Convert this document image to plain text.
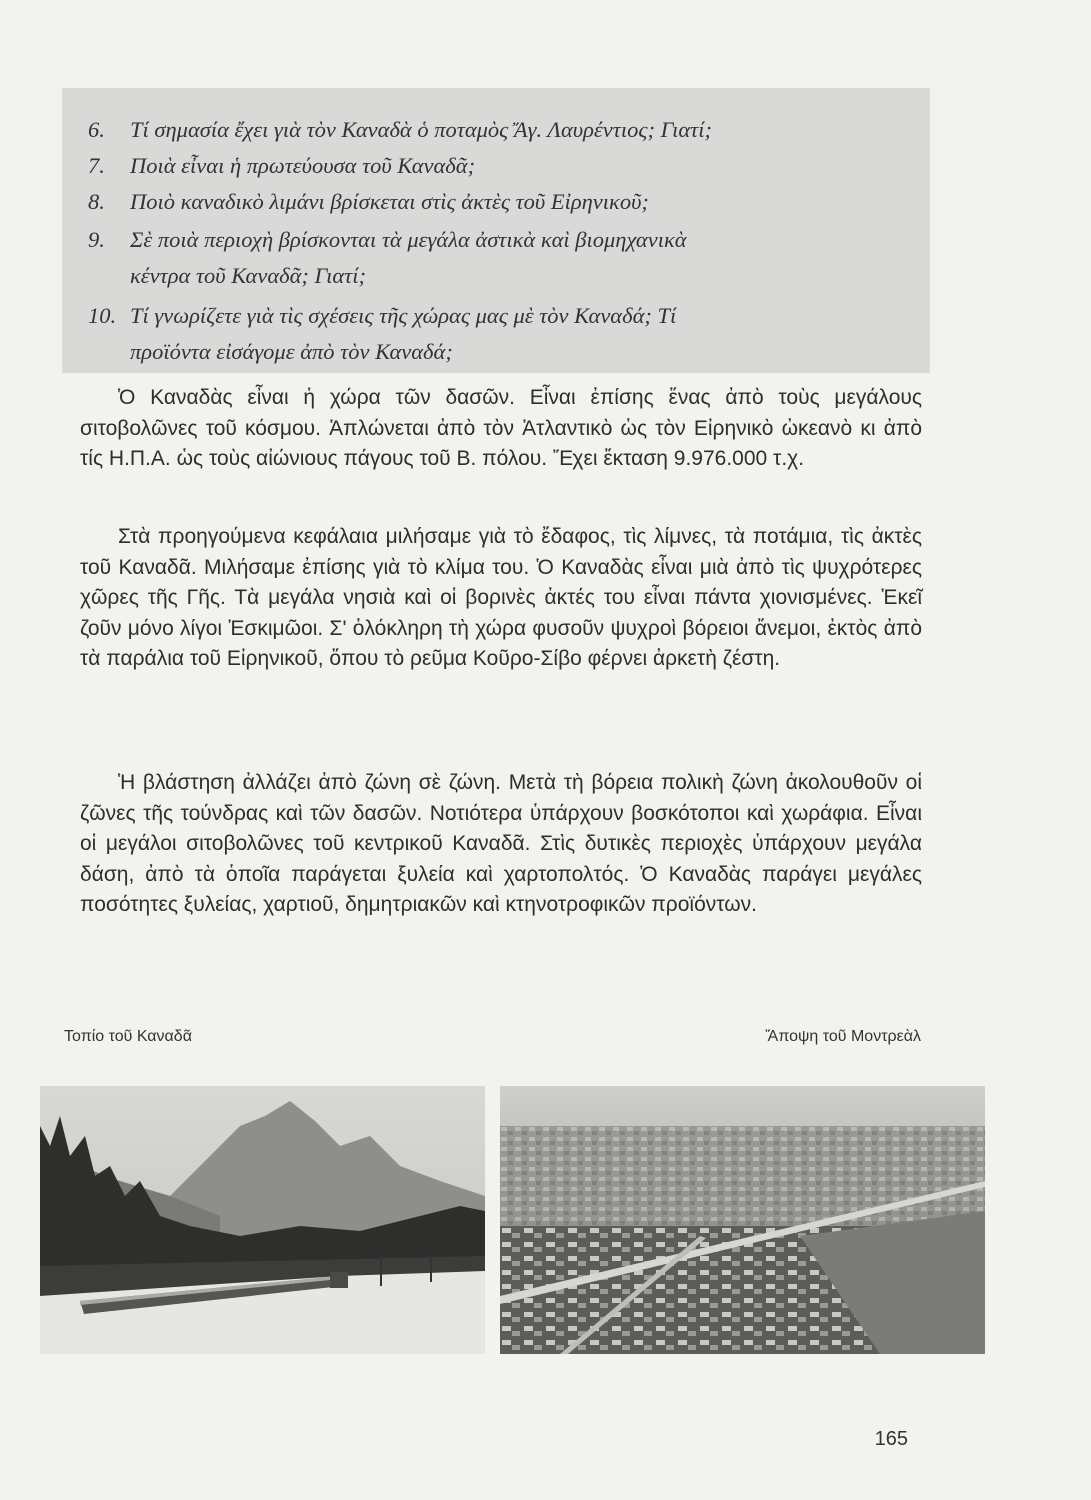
6. Τί σημασία ἔχει γιὰ τὸν Καναδὰ ὁ ποταμὸς Ἄγ. Λαυρέντιος; Γιατί;

7. Ποιὰ εἶναι ἡ πρωτεύουσα τοῦ Καναδᾶ;

8. Ποιὸ καναδικὸ λιμάνι βρίσκεται στὶς ἀκτὲς τοῦ Εἰρηνικοῦ;

9. Σὲ ποιὰ περιοχὴ βρίσκονται τὰ μεγάλα ἀστικὰ καὶ βιομηχανικὰ

κέντρα τοῦ Καναδᾶ; Γιατί;

10. Τί γνωρίζετε γιὰ τὶς σχέσεις τῆς χώρας μας μὲ τὸν Καναδά; Τί

προϊόντα εἰσάγομε ἀπὸ τὸν Καναδά;

Ὁ Καναδὰς εἶναι ἡ χώρα τῶν δασῶν. Εἶναι ἐπίσης ἕνας ἀπὸ τοὺς μεγάλους σιτοβολῶνες τοῦ κόσμου. Ἁπλώνεται ἀπὸ τὸν Ἀτλαντικὸ ὡς τὸν Εἰρηνικὸ ὠκεανὸ κι ἀπὸ τίς Η.Π.Α. ὡς τοὺς αἰώνιους πάγους τοῦ Β. πόλου. Ἔχει ἔκταση 9.976.000 τ.χ.

Στὰ προηγούμενα κεφάλαια μιλήσαμε γιὰ τὸ ἔδαφος, τὶς λίμνες, τὰ ποτάμια, τὶς ἀκτὲς τοῦ Καναδᾶ. Μιλήσαμε ἐπίσης γιὰ τὸ κλίμα του. Ὁ Καναδὰς εἶναι μιὰ ἀπὸ τὶς ψυχρότερες χῶρες τῆς Γῆς. Τὰ μεγάλα νησιὰ καὶ οἱ βορινὲς ἀκτές του εἶναι πάντα χιονισμένες. Ἐκεῖ ζοῦν μόνο λίγοι Ἐσκιμῶοι. Σ' ὁλόκληρη τὴ χώρα φυσοῦν ψυχροὶ βόρειοι ἄνεμοι, ἐκτὸς ἀπὸ τὰ παράλια τοῦ Εἰρηνικοῦ, ὅπου τὸ ρεῦμα Κοῦρο-Σίβο φέρνει ἀρκετὴ ζέστη.

Ἡ βλάστηση ἀλλάζει ἀπὸ ζώνη σὲ ζώνη. Μετὰ τὴ βόρεια πολικὴ ζώνη ἀκολουθοῦν οἱ ζῶνες τῆς τούνδρας καὶ τῶν δασῶν. Νοτιότερα ὑπάρχουν βοσκότοποι καὶ χωράφια. Εἶναι οἱ μεγάλοι σιτοβολῶνες τοῦ κεντρικοῦ Καναδᾶ. Στὶς δυτικὲς περιοχὲς ὑπάρχουν μεγάλα δάση, ἀπὸ τὰ ὁποῖα παράγεται ξυλεία καὶ χαρτοπολτός. Ὁ Καναδὰς παράγει μεγάλες ποσότητες ξυλείας, χαρτιοῦ, δημητριακῶν καὶ κτηνοτροφικῶν προϊόντων.

Τοπίο τοῦ Καναδᾶ	Ἄποψη τοῦ Μοντρεὰλ
165
